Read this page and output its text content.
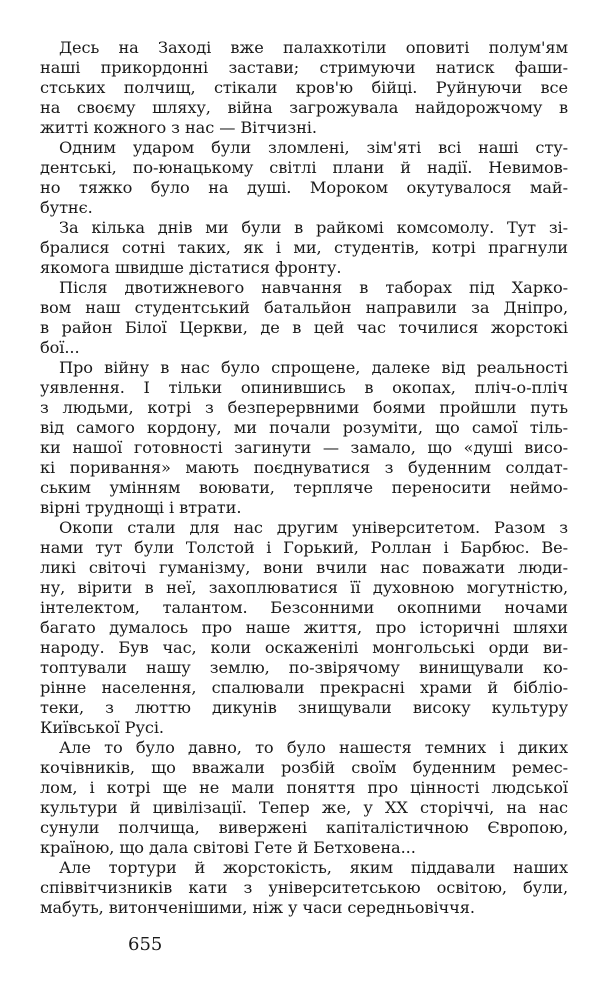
Десь на Заході вже палахкотіли оповиті полум'ям
наші прикордонні застави; стримуючи натиск фаши-
стських полчищ, стікали кров'ю бійці. Руйнуючи все
на своєму шляху, війна загрожувала найдорожчому в
житті кожного з нас — Вітчизні.
Одним ударом були зломлені, зім'яті всі наші сту-
дентські, по-юнацькому світлі плани й надії. Невимов-
но тяжко було на душі. Мороком окутувалося май-
бутнє.
За кілька днів ми були в райкомі комсомолу. Тут зі-
бралися сотні таких, як і ми, студентів, котрі прагнули
якомога швидше дістатися фронту.
Після двотижневого навчання в таборах під Харко-
вом наш студентський батальйон направили за Дніпро,
в район Білої Церкви, де в цей час точилися жорстокі
бої...
Про війну в нас було спрощене, далеке від реальності
уявлення. І тільки опинившись в окопах, пліч-о-пліч
з людьми, котрі з безперервними боями пройшли путь
від самого кордону, ми почали розуміти, що самої тіль-
ки нашої готовності загинути — замало, що «душі висо-
кі поривання» мають поєднуватися з буденним солдат-
ським умінням воювати, терпляче переносити неймо-
вірні труднощі і втрати.
Окопи стали для нас другим університетом. Разом з
нами тут були Толстой і Горький, Роллан і Барбюс. Ве-
ликі світочі гуманізму, вони вчили нас поважати люди-
ну, вірити в неї, захоплюватися її духовною могутністю,
інтелектом, талантом. Безсонними окопними ночами
багато думалось про наше життя, про історичні шляхи
народу. Був час, коли оскаженілі монгольські орди ви-
топтували нашу землю, по-звірячому винищували ко-
рінне населення, спалювали прекрасні храми й бібліо-
теки, з люттю дикунів знищували високу культуру
Київської Русі.
Але то було давно, то було нашестя темних і диких
кочівників, що вважали розбій своїм буденним ремес-
лом, і котрі ще не мали поняття про цінності людської
культури й цивілізації. Тепер же, у XX сторіччі, на нас
сунули полчища, вивержені капіталістичною Європою,
країною, що дала світові Гете й Бетховена...
Але тортури й жорстокість, яким піддавали наших
співвітчизників кати з університетською освітою, були,
мабуть, витонченішими, ніж у часи середньовіччя.
655
